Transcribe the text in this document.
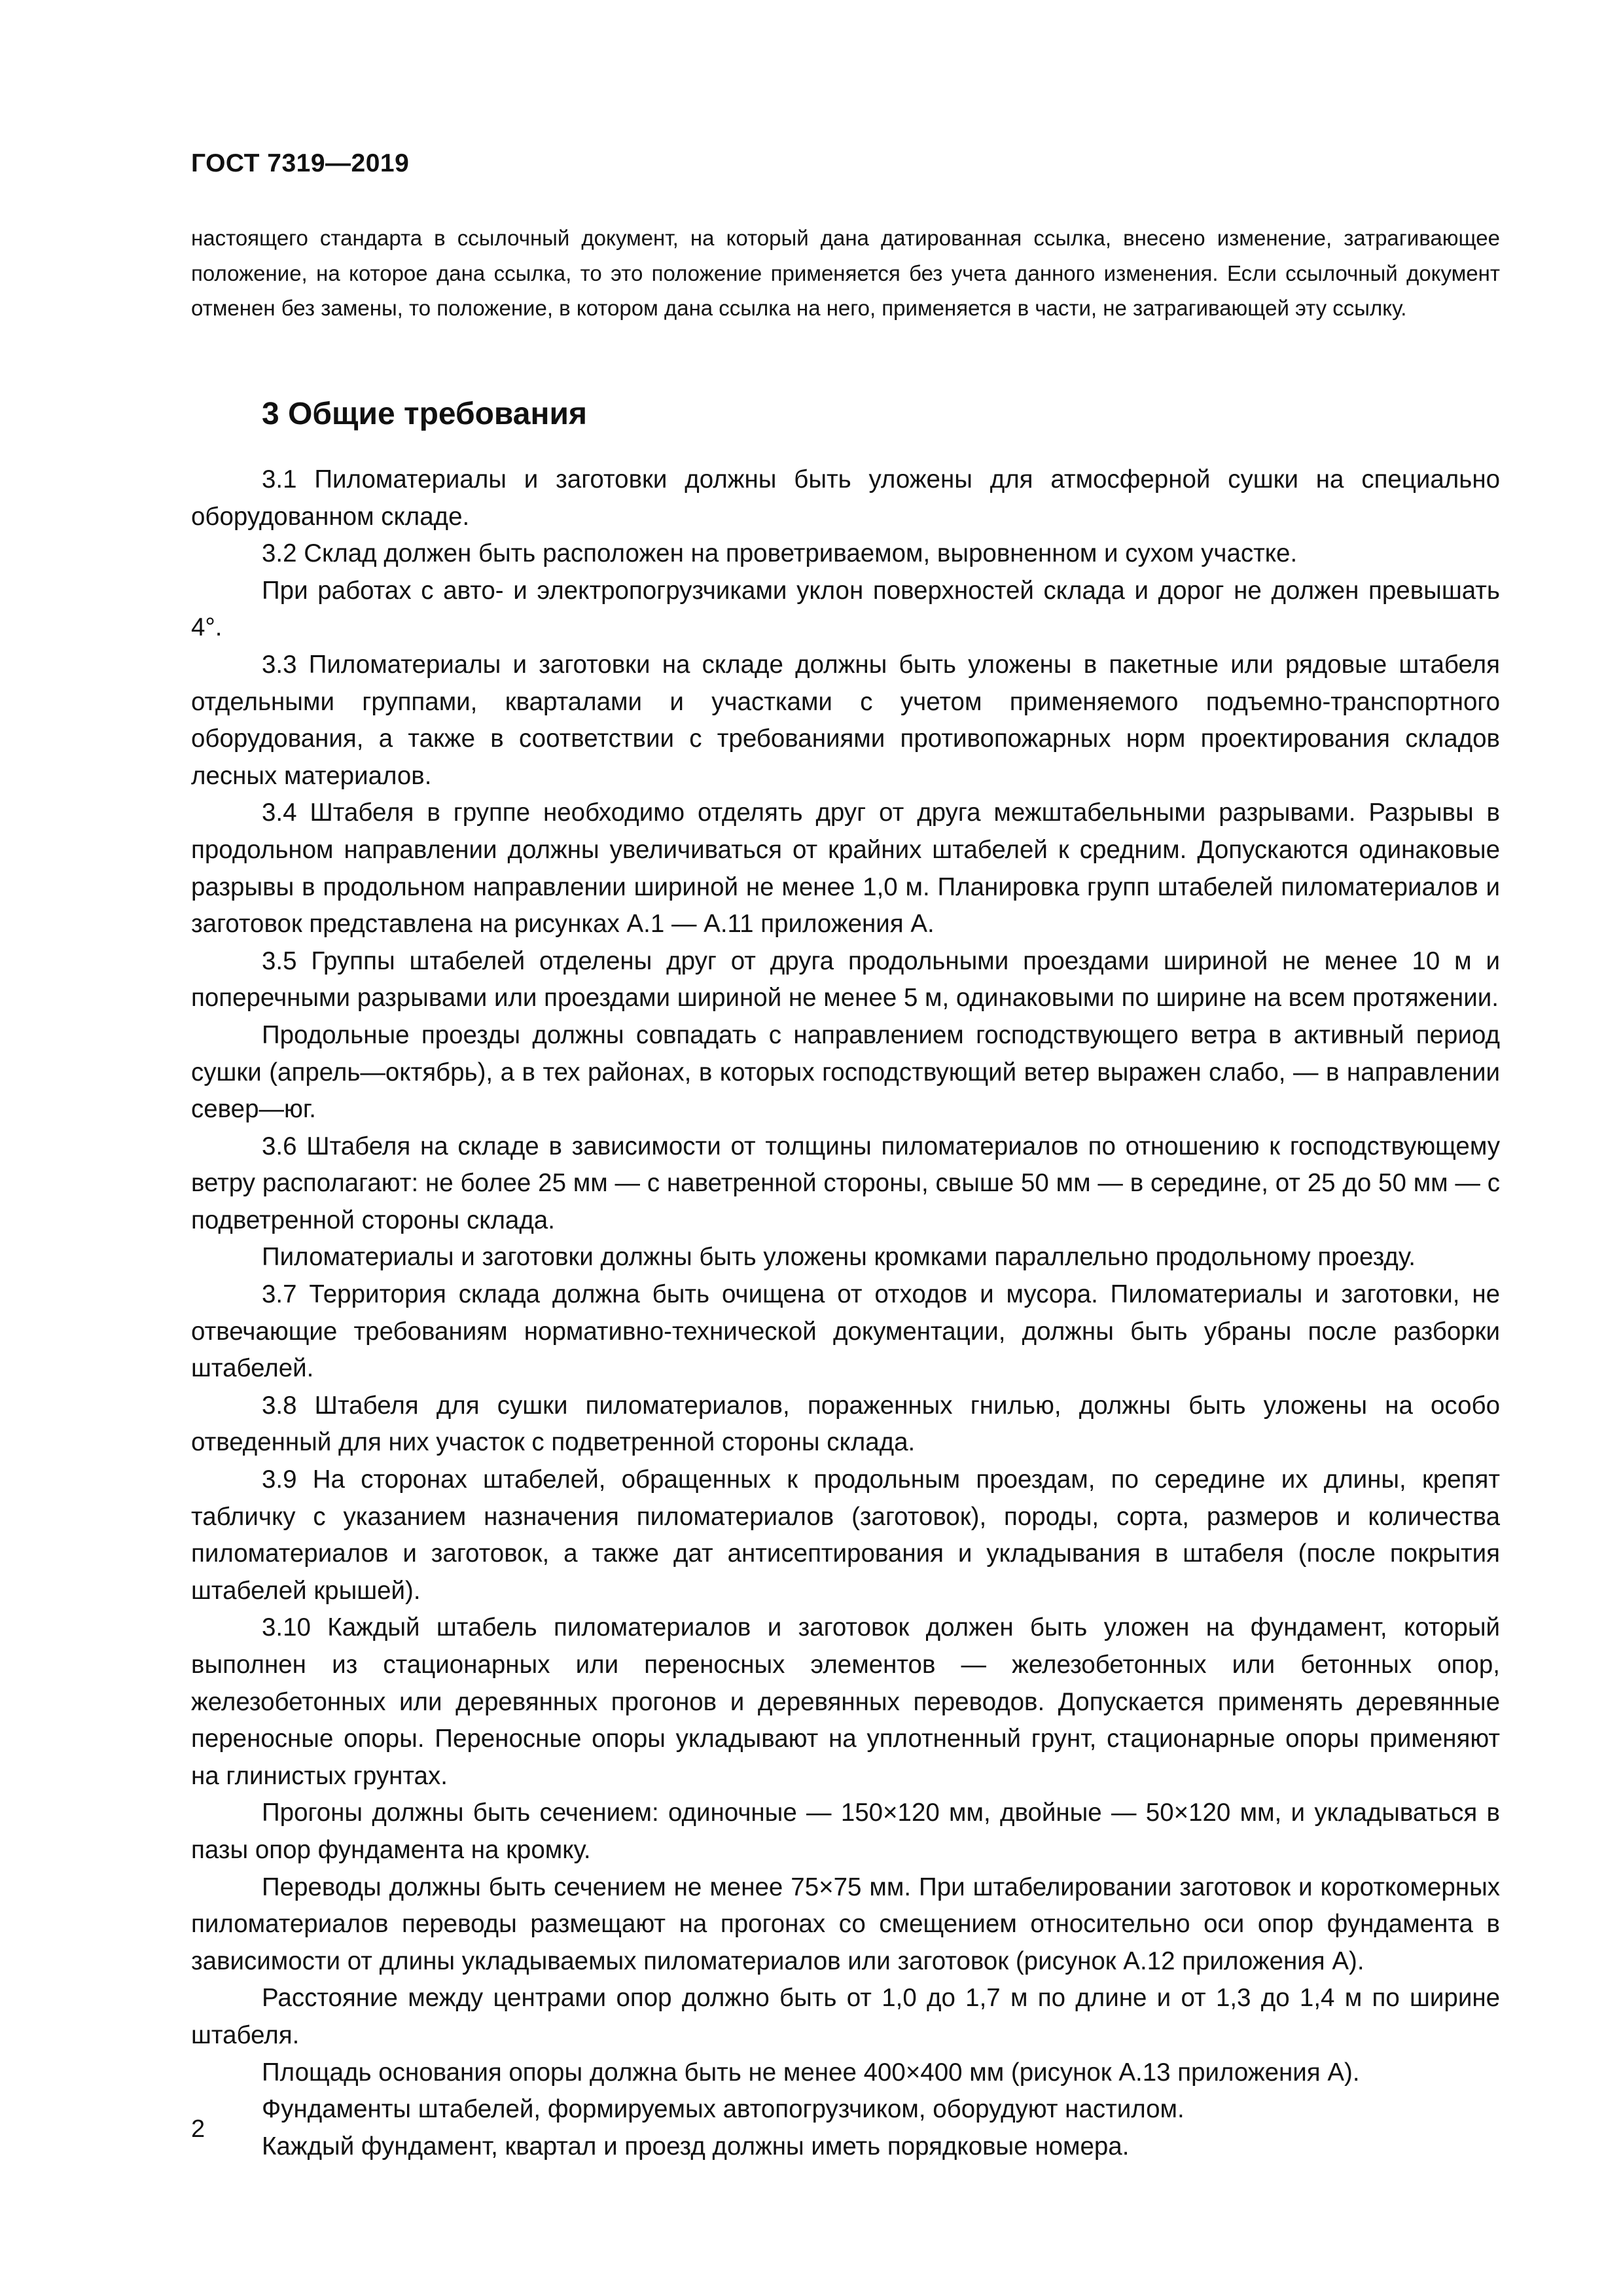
ГОСТ 7319—2019

настоящего стандарта в ссылочный документ, на который дана датированная ссылка, внесено изменение, затрагивающее положение, на которое дана ссылка, то это положение применяется без учета данного изменения. Если ссылочный документ отменен без замены, то положение, в котором дана ссылка на него, применяется в части, не затрагивающей эту ссылку.

3 Общие требования

3.1 Пиломатериалы и заготовки должны быть уложены для атмосферной сушки на специально оборудованном складе.

3.2 Склад должен быть расположен на проветриваемом, выровненном и сухом участке.

При работах с авто- и электропогрузчиками уклон поверхностей склада и дорог не должен превышать 4°.

3.3 Пиломатериалы и заготовки на складе должны быть уложены в пакетные или рядовые штабеля отдельными группами, кварталами и участками с учетом применяемого подъемно-транспортного оборудования, а также в соответствии с требованиями противопожарных норм проектирования складов лесных материалов.

3.4 Штабеля в группе необходимо отделять друг от друга межштабельными разрывами. Разрывы в продольном направлении должны увеличиваться от крайних штабелей к средним. Допускаются одинаковые разрывы в продольном направлении шириной не менее 1,0 м. Планировка групп штабелей пиломатериалов и заготовок представлена на рисунках А.1 — А.11 приложения А.

3.5 Группы штабелей отделены друг от друга продольными проездами шириной не менее 10 м и поперечными разрывами или проездами шириной не менее 5 м, одинаковыми по ширине на всем протяжении.

Продольные проезды должны совпадать с направлением господствующего ветра в активный период сушки (апрель—октябрь), а в тех районах, в которых господствующий ветер выражен слабо, — в направлении север—юг.

3.6 Штабеля на складе в зависимости от толщины пиломатериалов по отношению к господствующему ветру располагают: не более 25 мм — с наветренной стороны, свыше 50 мм — в середине, от 25 до 50 мм — с подветренной стороны склада.

Пиломатериалы и заготовки должны быть уложены кромками параллельно продольному проезду.

3.7 Территория склада должна быть очищена от отходов и мусора. Пиломатериалы и заготовки, не отвечающие требованиям нормативно-технической документации, должны быть убраны после разборки штабелей.

3.8 Штабеля для сушки пиломатериалов, пораженных гнилью, должны быть уложены на особо отведенный для них участок с подветренной стороны склада.

3.9 На сторонах штабелей, обращенных к продольным проездам, по середине их длины, крепят табличку с указанием назначения пиломатериалов (заготовок), породы, сорта, размеров и количества пиломатериалов и заготовок, а также дат антисептирования и укладывания в штабеля (после покрытия штабелей крышей).

3.10 Каждый штабель пиломатериалов и заготовок должен быть уложен на фундамент, который выполнен из стационарных или переносных элементов — железобетонных или бетонных опор, железобетонных или деревянных прогонов и деревянных переводов. Допускается применять деревянные переносные опоры. Переносные опоры укладывают на уплотненный грунт, стационарные опоры применяют на глинистых грунтах.

Прогоны должны быть сечением: одиночные — 150×120 мм, двойные — 50×120 мм, и укладываться в пазы опор фундамента на кромку.

Переводы должны быть сечением не менее 75×75 мм. При штабелировании заготовок и короткомерных пиломатериалов переводы размещают на прогонах со смещением относительно оси опор фундамента в зависимости от длины укладываемых пиломатериалов или заготовок (рисунок А.12 приложения А).

Расстояние между центрами опор должно быть от 1,0 до 1,7 м по длине и от 1,3 до 1,4 м по ширине штабеля.

Площадь основания опоры должна быть не менее 400×400 мм (рисунок А.13 приложения А).

Фундаменты штабелей, формируемых автопогрузчиком, оборудуют настилом.

Каждый фундамент, квартал и проезд должны иметь порядковые номера.

2
